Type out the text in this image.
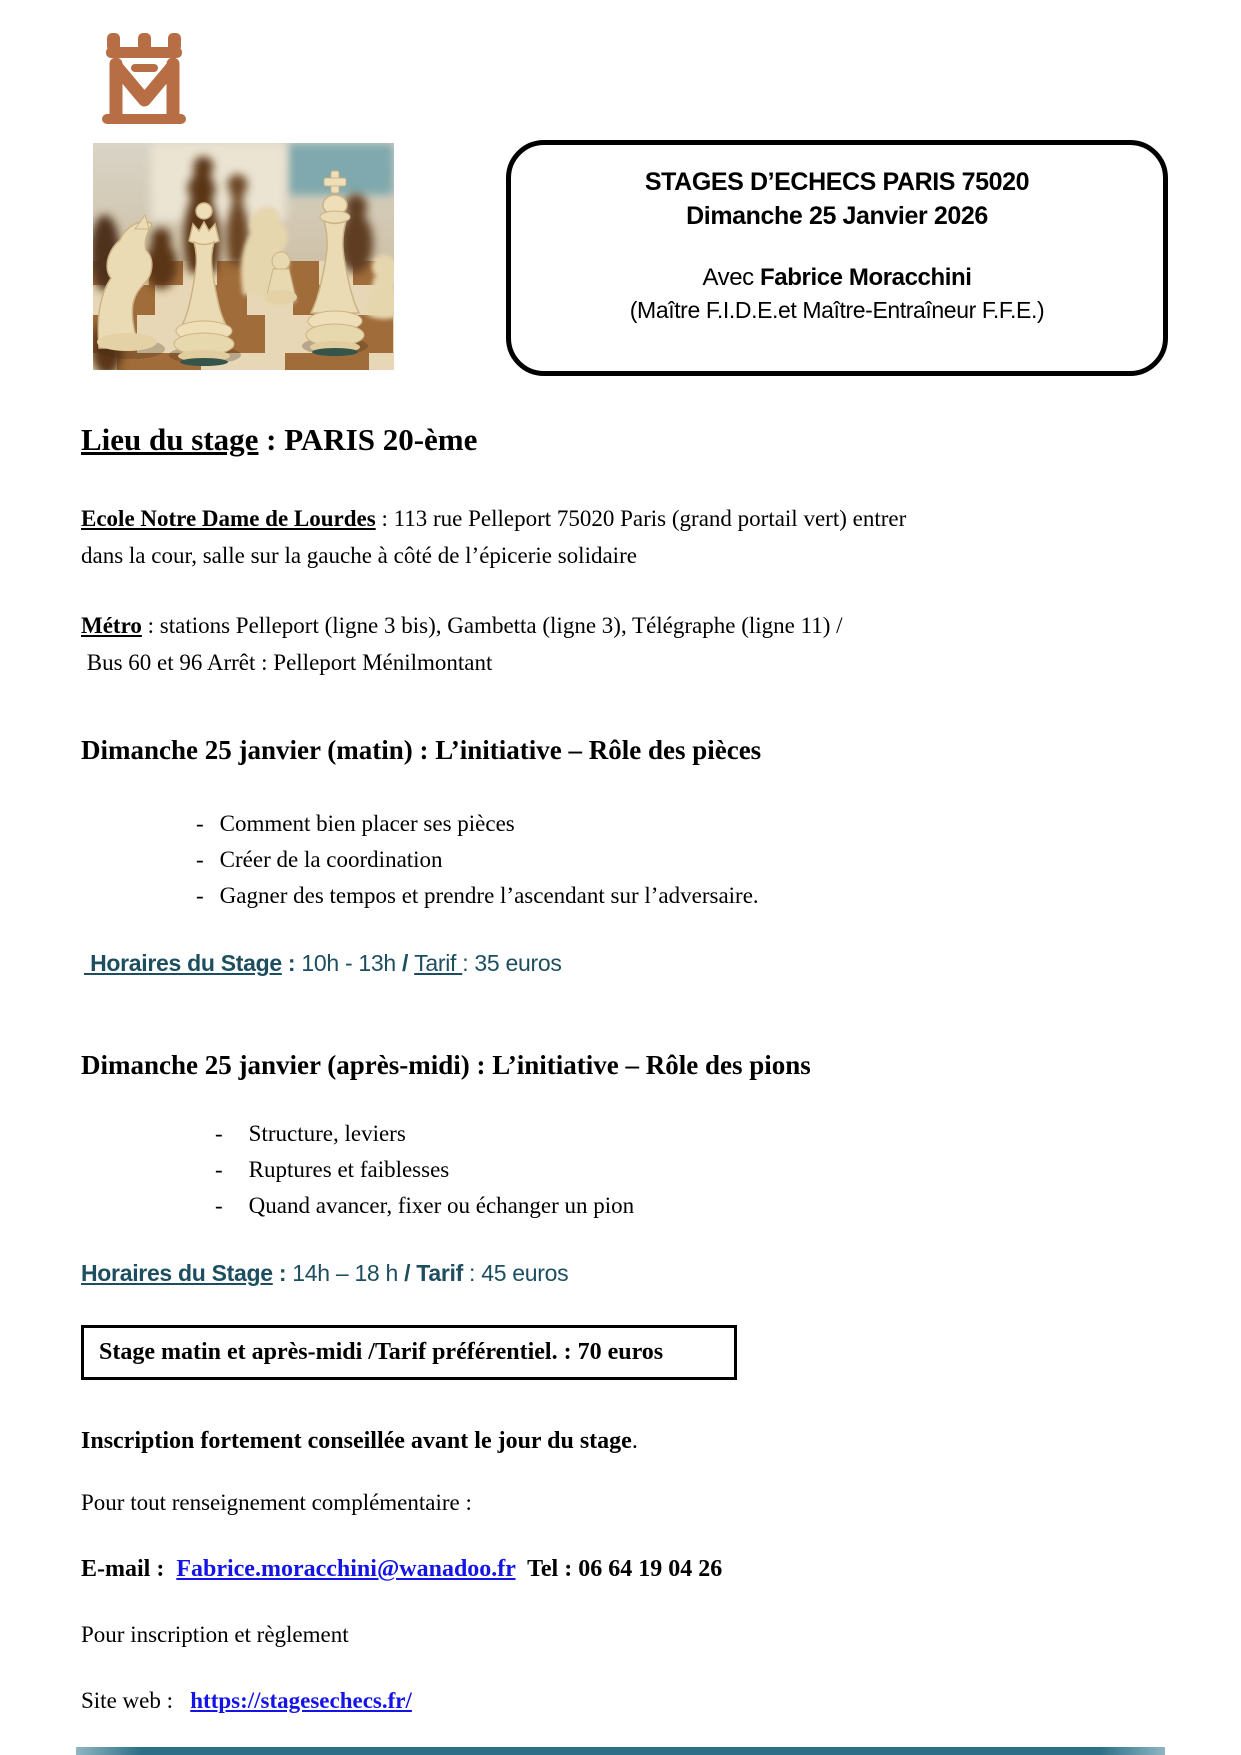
STAGES D’ECHECS PARIS 75020
Dimanche 25 Janvier 2026
Avec Fabrice Moracchini
(Maître F.I.D.E.et Maître-Entraîneur F.F.E.)
Lieu du stage : PARIS 20-ème
Ecole Notre Dame de Lourdes : 113 rue Pelleport 75020 Paris (grand portail vert) entrer
dans la cour, salle sur la gauche à côté de l’épicerie solidaire
Métro : stations Pelleport (ligne 3 bis), Gambetta (ligne 3), Télégraphe (ligne 11) /
Bus 60 et 96 Arrêt : Pelleport Ménilmontant
Dimanche 25 janvier (matin) : L’initiative – Rôle des pièces
- Comment bien placer ses pièces
- Créer de la coordination
- Gagner des tempos et prendre l’ascendant sur l’adversaire.
Horaires du Stage : 10h - 13h / Tarif : 35 euros
Dimanche 25 janvier (après-midi) : L’initiative – Rôle des pions
- Structure, leviers
- Ruptures et faiblesses
- Quand avancer, fixer ou échanger un pion
Horaires du Stage : 14h – 18 h / Tarif : 45 euros
Stage matin et après-midi /Tarif préférentiel. : 70 euros
Inscription fortement conseillée avant le jour du stage.
Pour tout renseignement complémentaire :
E-mail :  Fabrice.moracchini@wanadoo.fr  Tel : 06 64 19 04 26
Pour inscription et règlement
Site web :   https://stagesechecs.fr/
